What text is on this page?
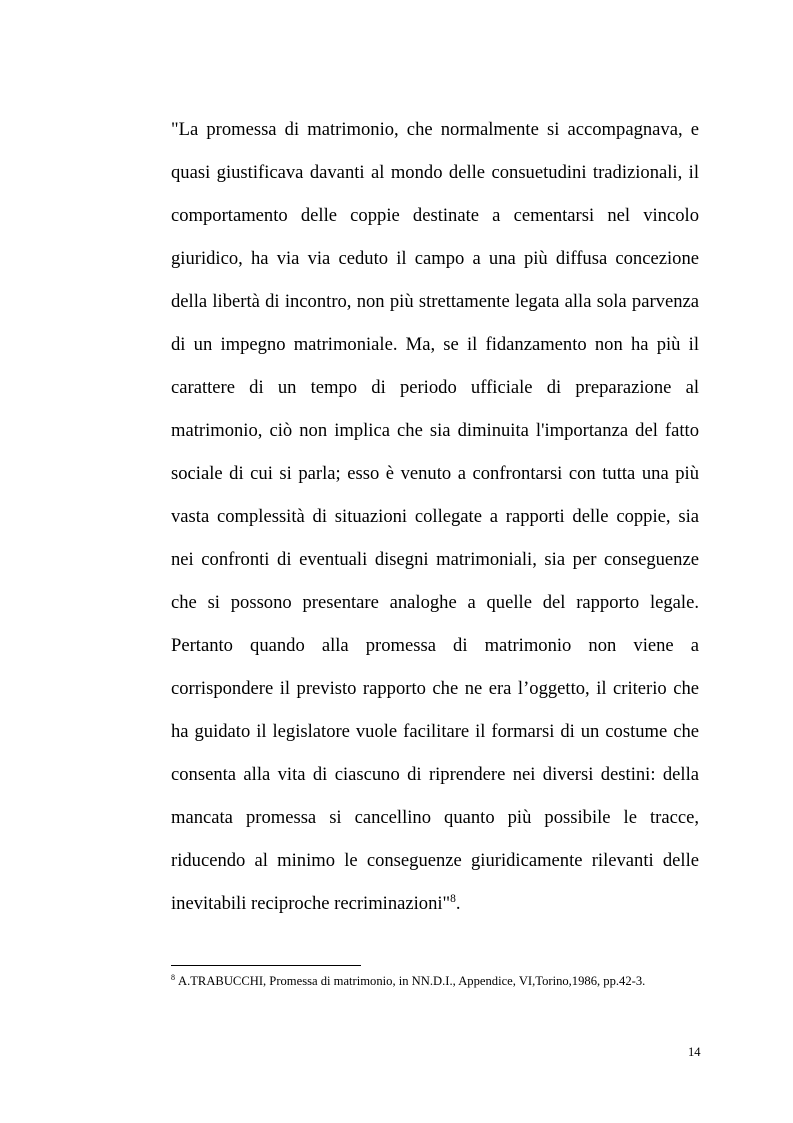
"La promessa di matrimonio, che normalmente si accompagnava, e
quasi giustificava davanti al mondo delle consuetudini tradizionali, il
comportamento delle coppie destinate a cementarsi nel vincolo
giuridico, ha via via ceduto il campo a una più diffusa concezione
della libertà di incontro, non più strettamente legata alla sola parvenza
di un impegno matrimoniale. Ma, se il fidanzamento non ha più il
carattere di un tempo di periodo ufficiale di preparazione al
matrimonio, ciò non implica che sia diminuita l'importanza del fatto
sociale di cui si parla; esso è venuto a confrontarsi con tutta una più
vasta complessità di situazioni collegate a rapporti delle coppie, sia
nei confronti di eventuali disegni matrimoniali, sia per conseguenze
che si possono presentare analoghe a quelle del rapporto legale.
Pertanto quando alla promessa di matrimonio non viene a
corrispondere il previsto rapporto che ne era l’oggetto, il criterio che
ha guidato il legislatore vuole facilitare il formarsi di un costume che
consenta alla vita di ciascuno di riprendere nei diversi destini: della
mancata promessa si cancellino quanto più possibile le tracce,
riducendo al minimo le conseguenze giuridicamente rilevanti delle
inevitabili reciproche recriminazioni"$^8$.
$^8$ A.TRABUCCHI, Promessa di matrimonio, in NN.D.I., Appendice, VI,Torino,1986, pp.42-3.
14
